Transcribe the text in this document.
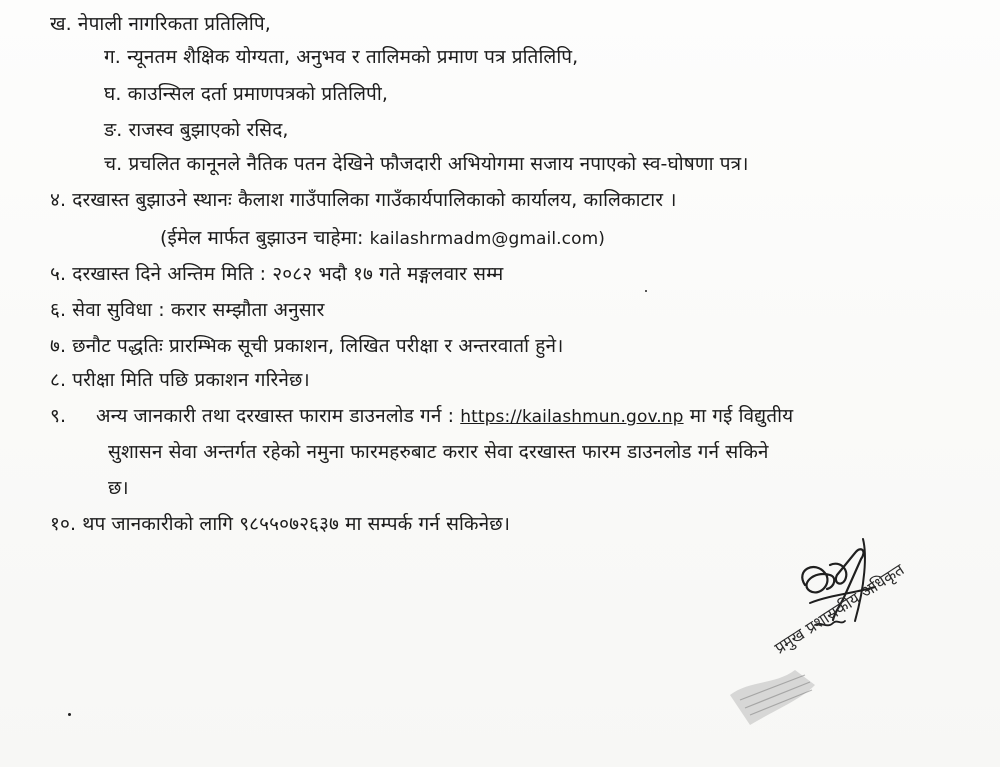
ख. नेपाली नागरिकता प्रतिलिपि,
ग. न्यूनतम शैक्षिक योग्यता, अनुभव र तालिमको प्रमाण पत्र प्रतिलिपि,
घ. काउन्सिल दर्ता प्रमाणपत्रको प्रतिलिपी,
ङ. राजस्व बुझाएको रसिद,
च. प्रचलित कानूनले नैतिक पतन देखिने फौजदारी अभियोगमा सजाय नपाएको स्व-घोषणा पत्र।
४. दरखास्त बुझाउने स्थानः कैलाश गाउँपालिका गाउँकार्यपालिकाको कार्यालय, कालिकाटार ।
(ईमेल मार्फत बुझाउन चाहेमा: kailashrmadm@gmail.com)
५. दरखास्त दिने अन्तिम मिति : २०८२ भदौ १७ गते मङ्गलवार सम्म
६. सेवा सुविधा : करार सम्झौता अनुसार
७. छनौट पद्धतिः प्रारम्भिक सूची प्रकाशन, लिखित परीक्षा र अन्तरवार्ता हुने।
८. परीक्षा मिति पछि प्रकाशन गरिनेछ।
९. अन्य जानकारी तथा दरखास्त फाराम डाउनलोड गर्न : https://kailashmun.gov.np मा गई विद्युतीय
सुशासन सेवा अन्तर्गत रहेको नमुना फारमहरुबाट करार सेवा दरखास्त फारम डाउनलोड गर्न सकिने
छ।
१०. थप जानकारीको लागि ९८५५०७२६३७ मा सम्पर्क गर्न सकिनेछ।
प्रमुख प्रशासकीय अधिकृत
